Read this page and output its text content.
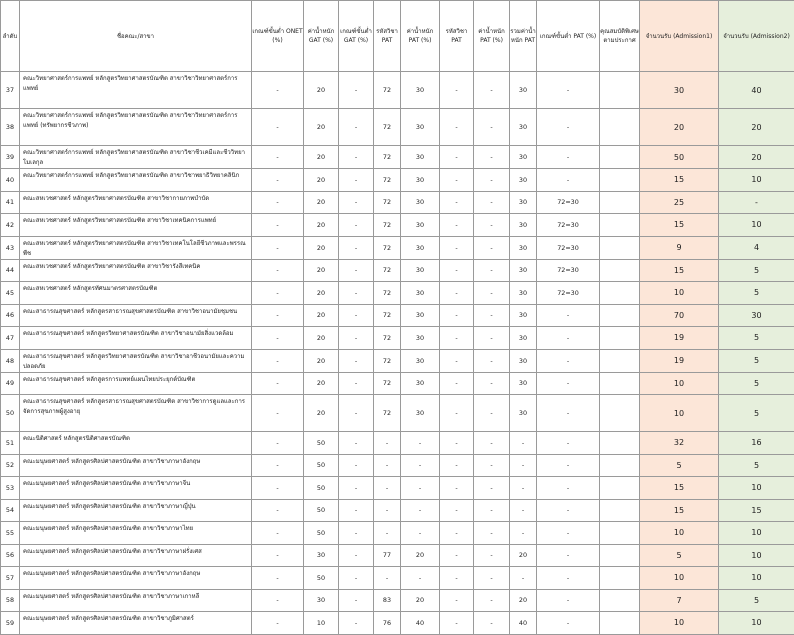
ลำดับ	ชื่อคณะ/สาขา	เกณฑ์ขั้นต่ำ ONET (%)	ค่าน้ำหนัก GAT (%)	เกณฑ์ขั้นต่ำ GAT (%)	รหัสวิชา PAT	ค่าน้ำหนัก PAT (%)	รหัสวิชา PAT	ค่าน้ำหนัก PAT (%)	รวมค่าน้ำหนัก PAT	เกณฑ์ขั้นต่ำ PAT (%)	คุณสมบัติพิเศษตามประกาศ	จำนวนรับ (Admission1)	จำนวนรับ (Admission2)
37	คณะวิทยาศาสตร์การแพทย์ หลักสูตรวิทยาศาสตรบัณฑิต สาขาวิชาวิทยาศาสตร์การแพทย์	-	20	-	72	30	-	-	30	-		30	40
38	คณะวิทยาศาสตร์การแพทย์ หลักสูตรวิทยาศาสตรบัณฑิต สาขาวิชาวิทยาศาสตร์การแพทย์ (ทรัพยากรชีวภาพ)	-	20	-	72	30	-	-	30	-		20	20
39	คณะวิทยาศาสตร์การแพทย์ หลักสูตรวิทยาศาสตรบัณฑิต สาขาวิชาชีวเคมีและชีววิทยาโมเลกุล	-	20	-	72	30	-	-	30	-		50	20
40	คณะวิทยาศาสตร์การแพทย์ หลักสูตรวิทยาศาสตรบัณฑิต สาขาวิชาพยาธิวิทยาคลินิก	-	20	-	72	30	-	-	30	-		15	10
41	คณะสหเวชศาสตร์ หลักสูตรวิทยาศาสตรบัณฑิต สาขาวิชากายภาพบำบัด	-	20	-	72	30	-	-	30	72=30		25	-
42	คณะสหเวชศาสตร์ หลักสูตรวิทยาศาสตรบัณฑิต สาขาวิชาเทคนิคการแพทย์	-	20	-	72	30	-	-	30	72=30		15	10
43	คณะสหเวชศาสตร์ หลักสูตรวิทยาศาสตรบัณฑิต สาขาวิชาเทคโนโลยีชีวภาพและพรรณพืช	-	20	-	72	30	-	-	30	72=30		9	4
44	คณะสหเวชศาสตร์ หลักสูตรวิทยาศาสตรบัณฑิต สาขาวิชารังสีเทคนิค	-	20	-	72	30	-	-	30	72=30		15	5
45	คณะสหเวชศาสตร์ หลักสูตรทัศนมาตรศาสตรบัณฑิต	-	20	-	72	30	-	-	30	72=30		10	5
46	คณะสาธารณสุขศาสตร์ หลักสูตรสาธารณสุขศาสตรบัณฑิต สาขาวิชาอนามัยชุมชน	-	20	-	72	30	-	-	30	-		70	30
47	คณะสาธารณสุขศาสตร์ หลักสูตรวิทยาศาสตรบัณฑิต สาขาวิชาอนามัยสิ่งแวดล้อม	-	20	-	72	30	-	-	30	-		19	5
48	คณะสาธารณสุขศาสตร์ หลักสูตรวิทยาศาสตรบัณฑิต สาขาวิชาอาชีวอนามัยและความปลอดภัย	-	20	-	72	30	-	-	30	-		19	5
49	คณะสาธารณสุขศาสตร์ หลักสูตรการแพทย์แผนไทยประยุกต์บัณฑิต	-	20	-	72	30	-	-	30	-		10	5
50	คณะสาธารณสุขศาสตร์ หลักสูตรสาธารณสุขศาสตรบัณฑิต สาขาวิชาการดูแลและการจัดการสุขภาพผู้สูงอายุ	-	20	-	72	30	-	-	30	-		10	5
51	คณะนิติศาสตร์ หลักสูตรนิติศาสตรบัณฑิต	-	50	-	-	-	-	-	-	-		32	16
52	คณะมนุษยศาสตร์ หลักสูตรศิลปศาสตรบัณฑิต สาขาวิชาภาษาอังกฤษ	-	50	-	-	-	-	-	-	-		5	5
53	คณะมนุษยศาสตร์ หลักสูตรศิลปศาสตรบัณฑิต สาขาวิชาภาษาจีน	-	50	-	-	-	-	-	-	-		15	10
54	คณะมนุษยศาสตร์ หลักสูตรศิลปศาสตรบัณฑิต สาขาวิชาภาษาญี่ปุ่น	-	50	-	-	-	-	-	-	-		15	15
55	คณะมนุษยศาสตร์ หลักสูตรศิลปศาสตรบัณฑิต สาขาวิชาภาษาไทย	-	50	-	-	-	-	-	-	-		10	10
56	คณะมนุษยศาสตร์ หลักสูตรศิลปศาสตรบัณฑิต สาขาวิชาภาษาฝรั่งเศส	-	30	-	77	20	-	-	20	-		5	10
57	คณะมนุษยศาสตร์ หลักสูตรศิลปศาสตรบัณฑิต สาขาวิชาภาษาอังกฤษ	-	50	-	-	-	-	-	-	-		10	10
58	คณะมนุษยศาสตร์ หลักสูตรศิลปศาสตรบัณฑิต สาขาวิชาภาษาเกาหลี	-	30	-	83	20	-	-	20	-		7	5
59	คณะมนุษยศาสตร์ หลักสูตรศิลปศาสตรบัณฑิต สาขาวิชาภูมิศาสตร์	-	10	-	76	40	-	-	40	-		10	10
